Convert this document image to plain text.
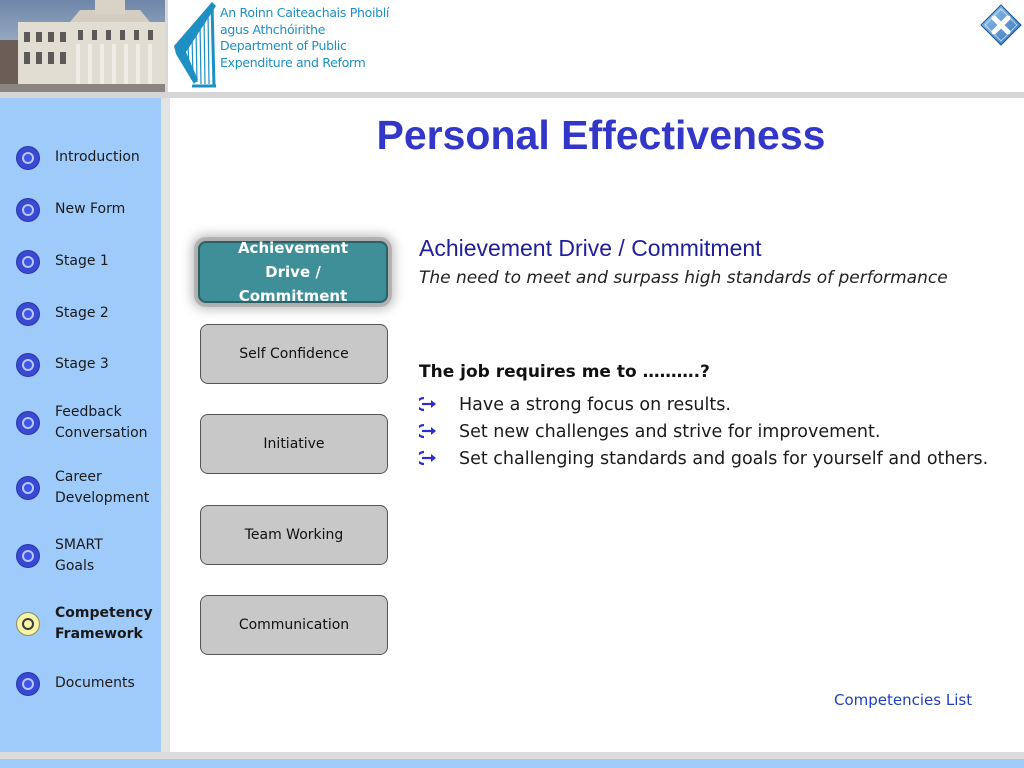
An Roinn Caiteachais Phoiblí
agus Athchóirithe
Department of Public
Expenditure and Reform
Introduction
New Form
Stage 1
Stage 2
Stage 3
Feedback Conversation
Career Development
SMART Goals
Competency Framework
Documents
Personal Effectiveness
Achievement Drive / Commitment
Self Confidence
Initiative
Team Working
Communication
Achievement Drive / Commitment
The need to meet and surpass high standards of performance
The job requires me to ……….?
Have a strong focus on results.
Set new challenges and strive for improvement.
Set challenging standards and goals for yourself and others.
Competencies List
